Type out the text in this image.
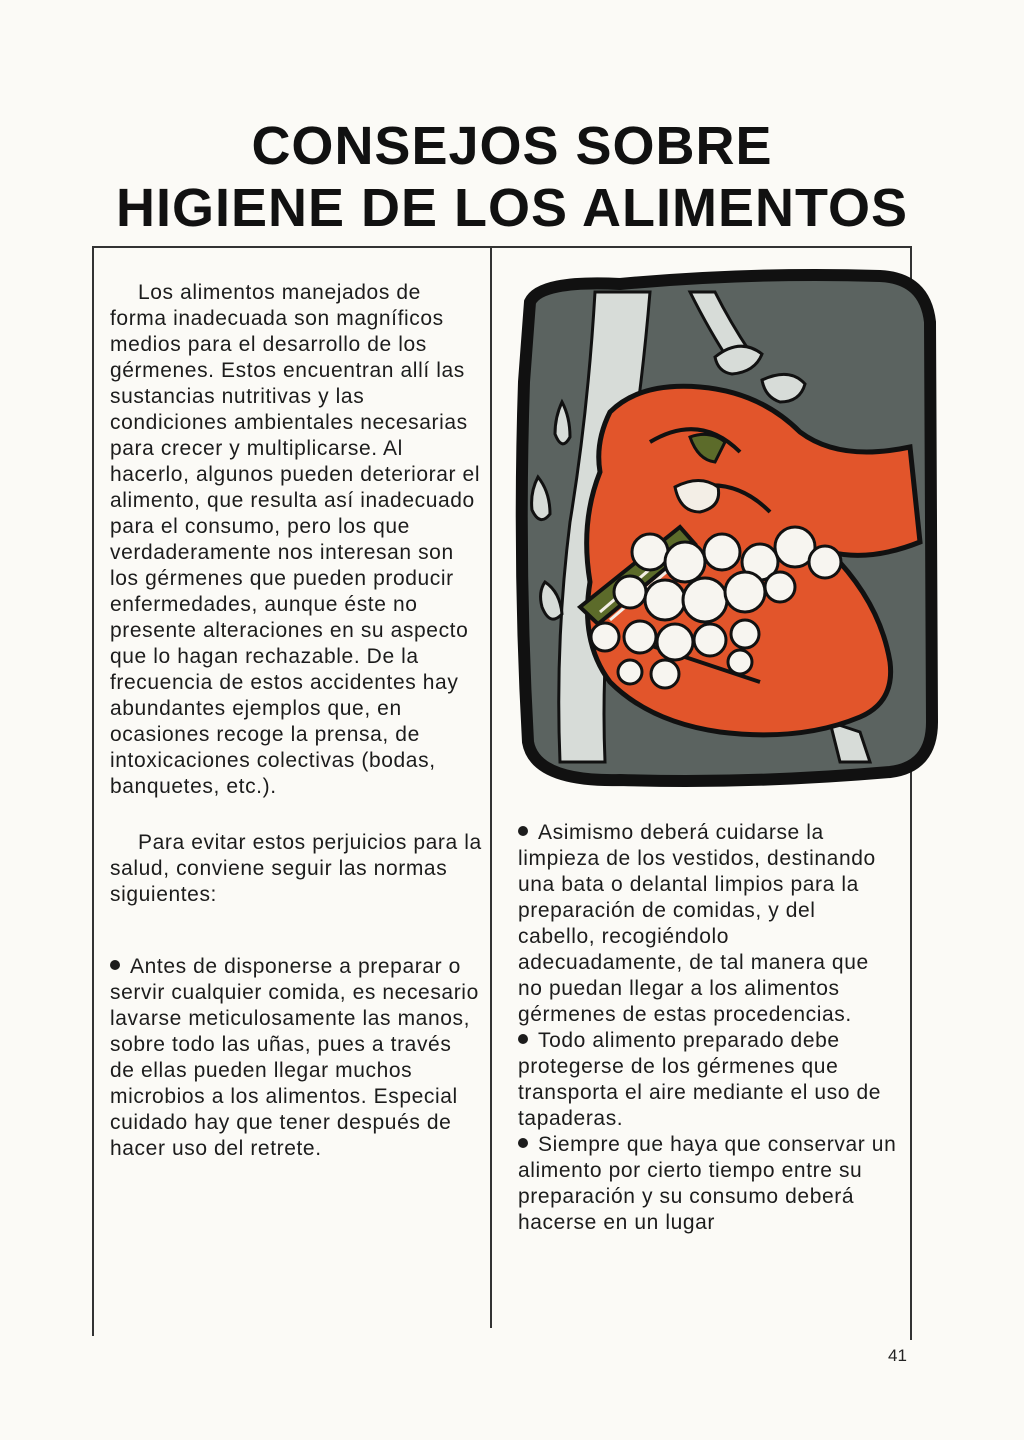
CONSEJOS SOBRE
HIGIENE DE LOS ALIMENTOS

Los alimentos manejados de forma inadecuada son magníficos medios para el desarrollo de los gérmenes. Estos encuentran allí las sustancias nutritivas y las condiciones ambientales necesarias para crecer y multiplicarse. Al hacerlo, algunos pueden deteriorar el alimento, que resulta así inadecuado para el consumo, pero los que verdaderamente nos interesan son los gérmenes que pueden producir enfermedades, aunque éste no presente alteraciones en su aspecto que lo hagan rechazable. De la frecuencia de estos accidentes hay abundantes ejemplos que, en ocasiones recoge la prensa, de intoxicaciones colectivas (bodas, banquetes, etc.).

Para evitar estos perjuicios para la salud, conviene seguir las normas siguientes:

Antes de disponerse a preparar o servir cualquier comida, es necesario lavarse meticulosamente las manos, sobre todo las uñas, pues a través de ellas pueden llegar muchos microbios a los alimentos. Especial cuidado hay que tener después de hacer uso del retrete.

Asimismo deberá cuidarse la limpieza de los vestidos, destinando una bata o delantal limpios para la preparación de comidas, y del cabello, recogiéndolo adecuadamente, de tal manera que no puedan llegar a los alimentos gérmenes de estas procedencias.

Todo alimento preparado debe protegerse de los gérmenes que transporta el aire mediante el uso de tapaderas.

Siempre que haya que conservar un alimento por cierto tiempo entre su preparación y su consumo deberá hacerse en un lugar

41
